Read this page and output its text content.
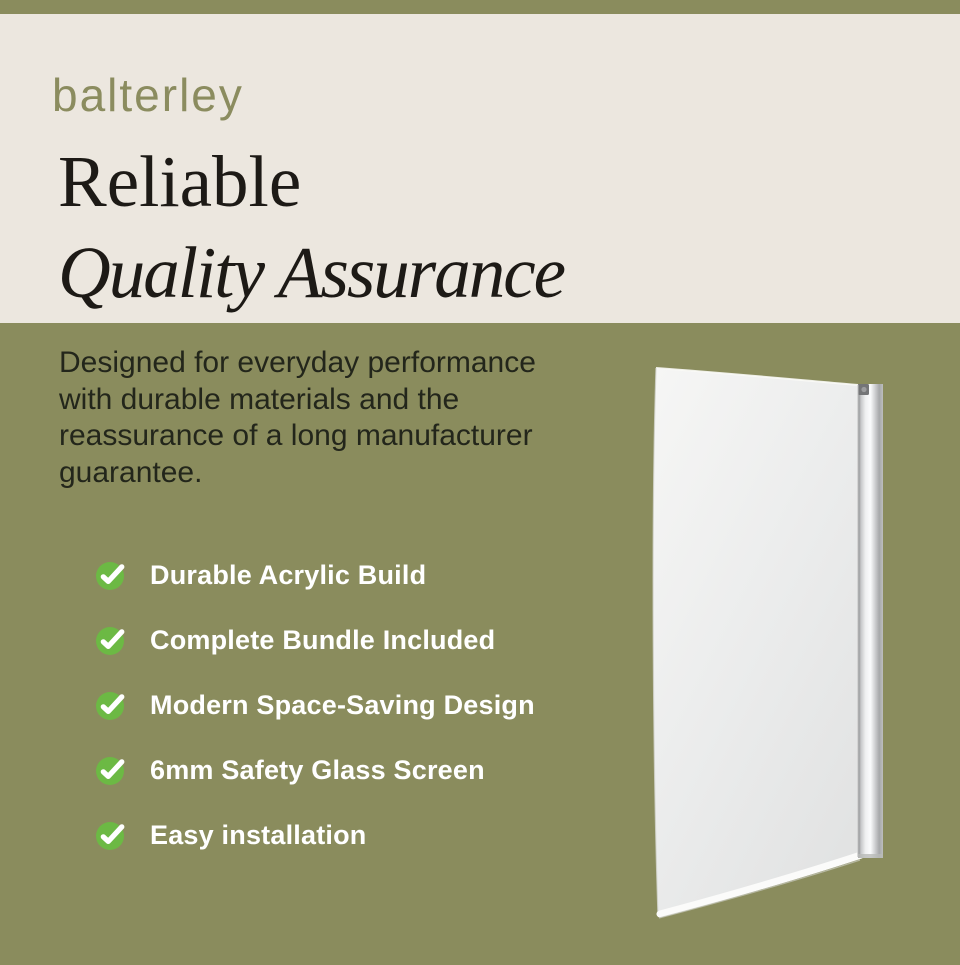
balterley
Reliable
Quality Assurance
Designed for everyday performance
with durable materials and the
reassurance of a long manufacturer
guarantee.
Durable Acrylic Build
Complete Bundle Included
Modern Space-Saving Design
6mm Safety Glass Screen
Easy installation
